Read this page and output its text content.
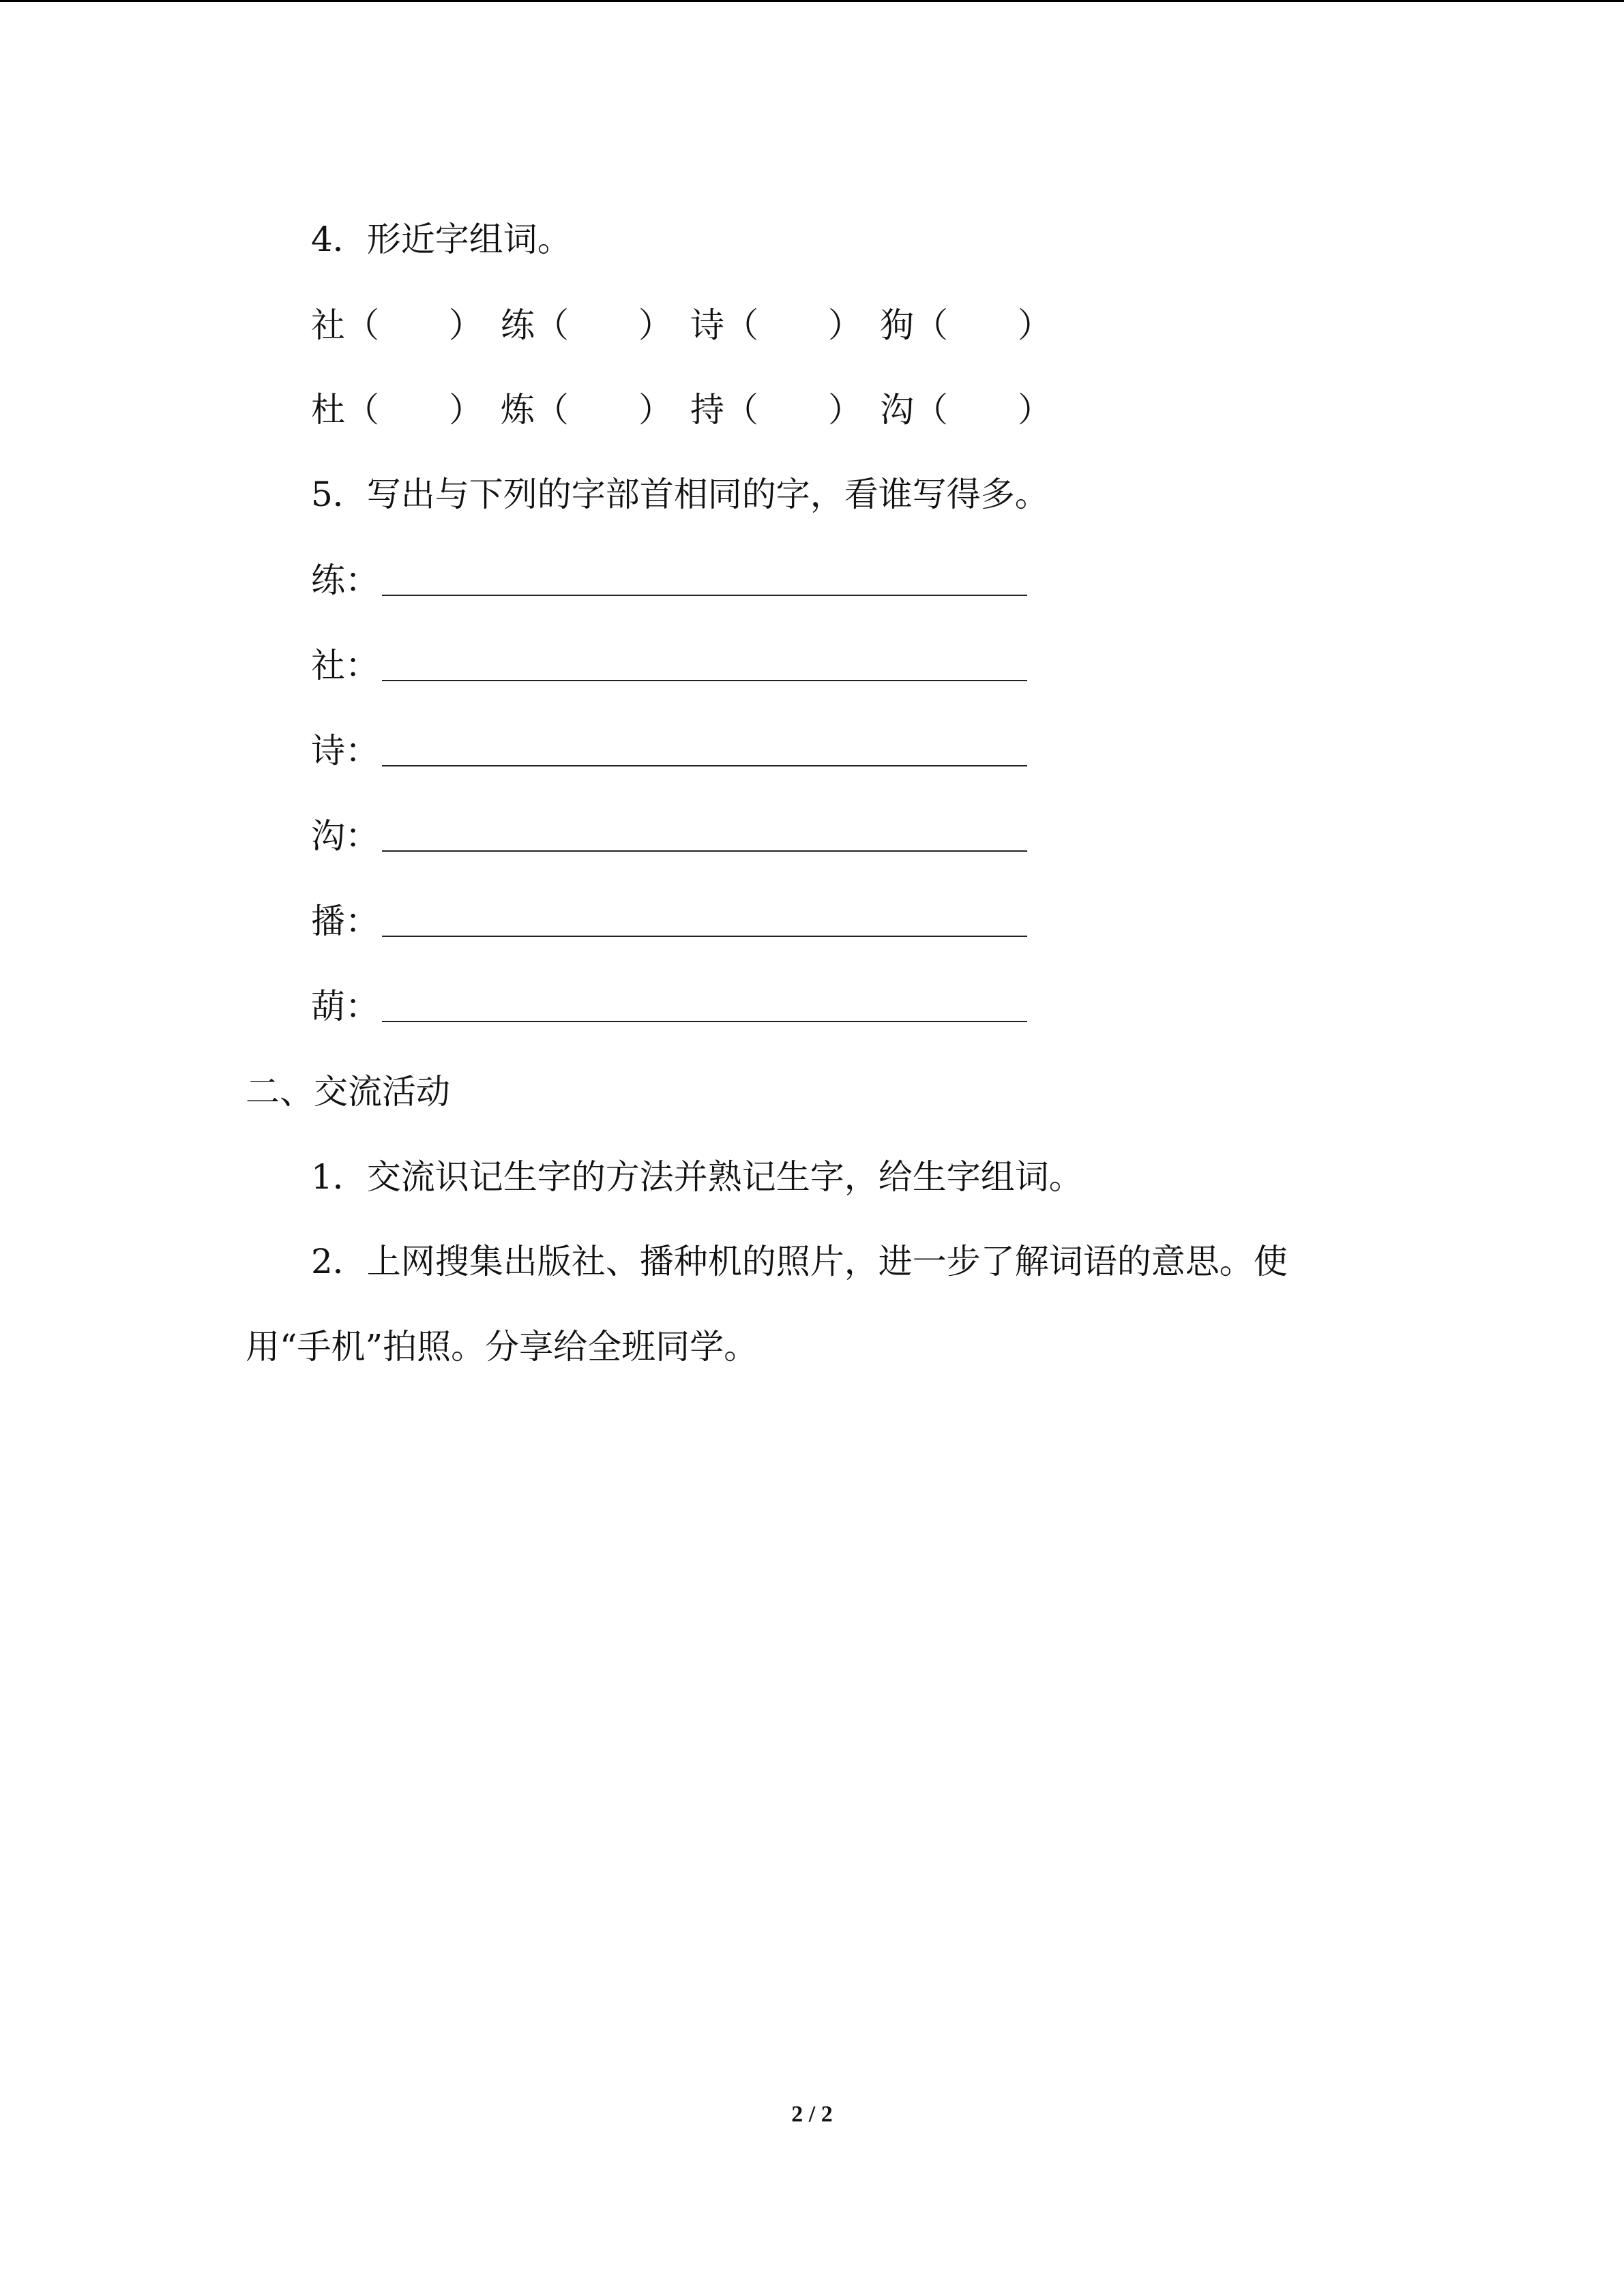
4．形近字组词。
社 （ ） 练 （ ） 诗 （ ） 狗 （ ）
杜 （ ） 炼 （ ） 持 （ ） 沟 （ ）
5．写出与下列的字部首相同的字，看谁写得多。
练 ：
社 ：
诗 ：
沟 ：
播 ：
葫 ：
二、交流活动
1．交流识记生字的方法并熟记生字，给生字组词。
2．上网搜集出版社、播种机的照片，进一步了解词语的意思。使
用“手机”拍照。分享给全班同学。
2 / 2
